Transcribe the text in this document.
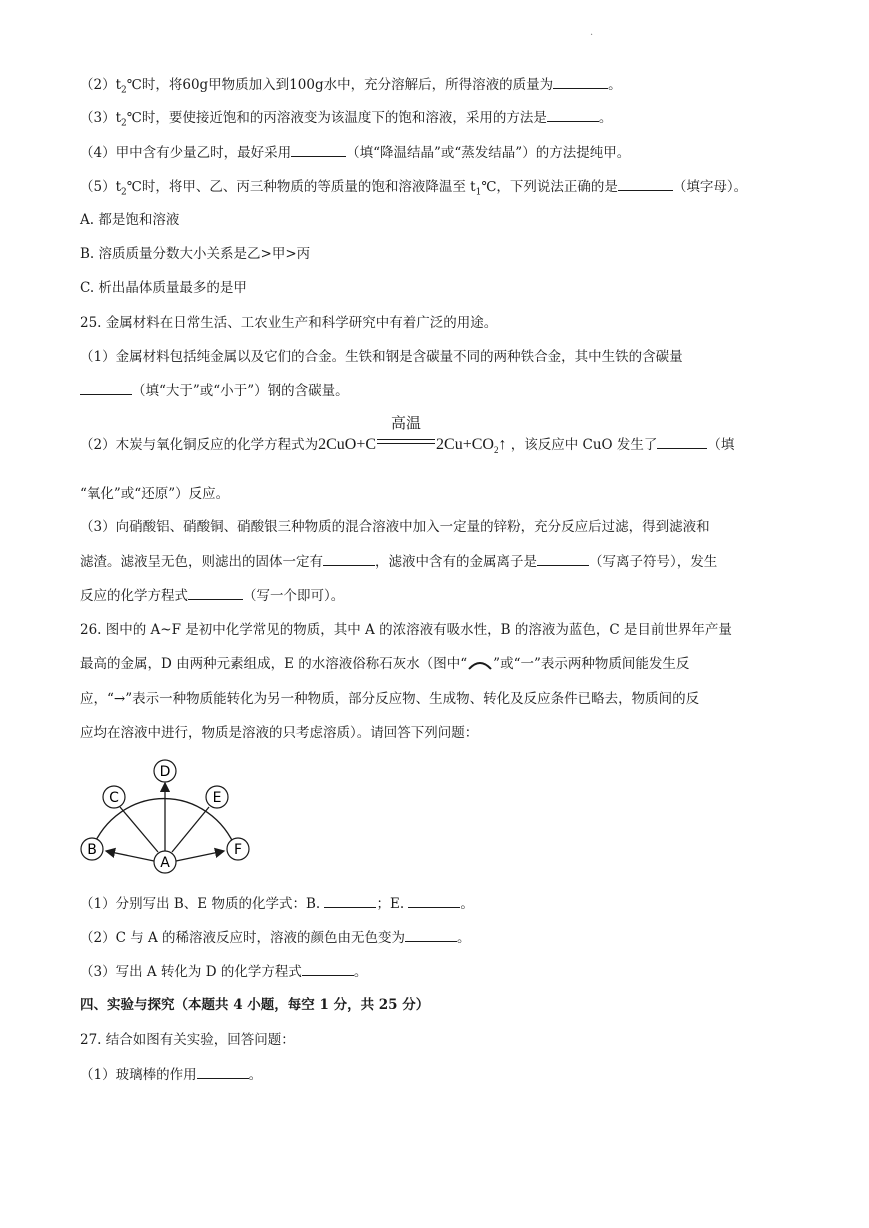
·
$(2)t_2℃$时，将60g甲物质加入到100g水中，充分溶解后，所得溶液的质量为	。
$(3)t_2℃$时，要使接近饱和的丙溶液变为该温度下的饱和溶液，采用的方法是	。
（4）甲中含有少量乙时，最好采用	（填“降温结晶”或“蒸发结晶”）的方法提纯甲。
$(5)t_2℃$时，将甲、乙、丙三种物质的等质量的饱和溶液降温至 $t_1℃$，下列说法正确的是	（填字母）。
A. 都是饱和溶液
B. 溶质质量分数大小关系是乙>甲>丙
C. 析出晶体质量最多的是甲
25. 金属材料在日常生活、工农业生产和科学研究中有着广泛的用途。
（1）金属材料包括纯金属以及它们的合金。生铁和钢是含碳量不同的两种铁合金，其中生铁的含碳量
（填“大于”或“小于”）钢的含碳量。
（2）木炭与氧化铜反应的化学方程式为2CuO+C
高温
$2Cu+CO_2↑$ ，该反应中 CuO 发生了	（填
“氧化”或“还原”）反应。
（3）向硝酸铝、硝酸铜、硝酸银三种物质的混合溶液中加入一定量的锌粉，充分反应后过滤，得到滤液和
滤渣。滤液呈无色，则滤出的固体一定有	，滤液中含有的金属离子是	（写离子符号），发生
反应的化学方程式	（写一个即可）。
26. 图中的 A~F 是初中化学常见的物质，其中 A 的浓溶液有吸水性，B 的溶液为蓝色，C 是目前世界年产量
最高的金属，D 由两种元素组成，E 的水溶液俗称石灰水（图中“ ”或“一”表示两种物质间能发生反
应，“→”表示一种物质能转化为另一种物质，部分反应物、生成物、转化及反应条件已略去，物质间的反
应均在溶液中进行，物质是溶液的只考虑溶质）。请回答下列问题：
D
C	E
B	F
A
（1）分别写出 B、E 物质的化学式：B.	；E.	。
（2）C 与 A 的稀溶液反应时，溶液的颜色由无色变为	。
（3）写出 A 转化为 D 的化学方程式	。
四、实验与探究（本题共 4 小题，每空 1 分，共 25 分）
27. 结合如图有关实验，回答问题：
（1）玻璃棒的作用	。
